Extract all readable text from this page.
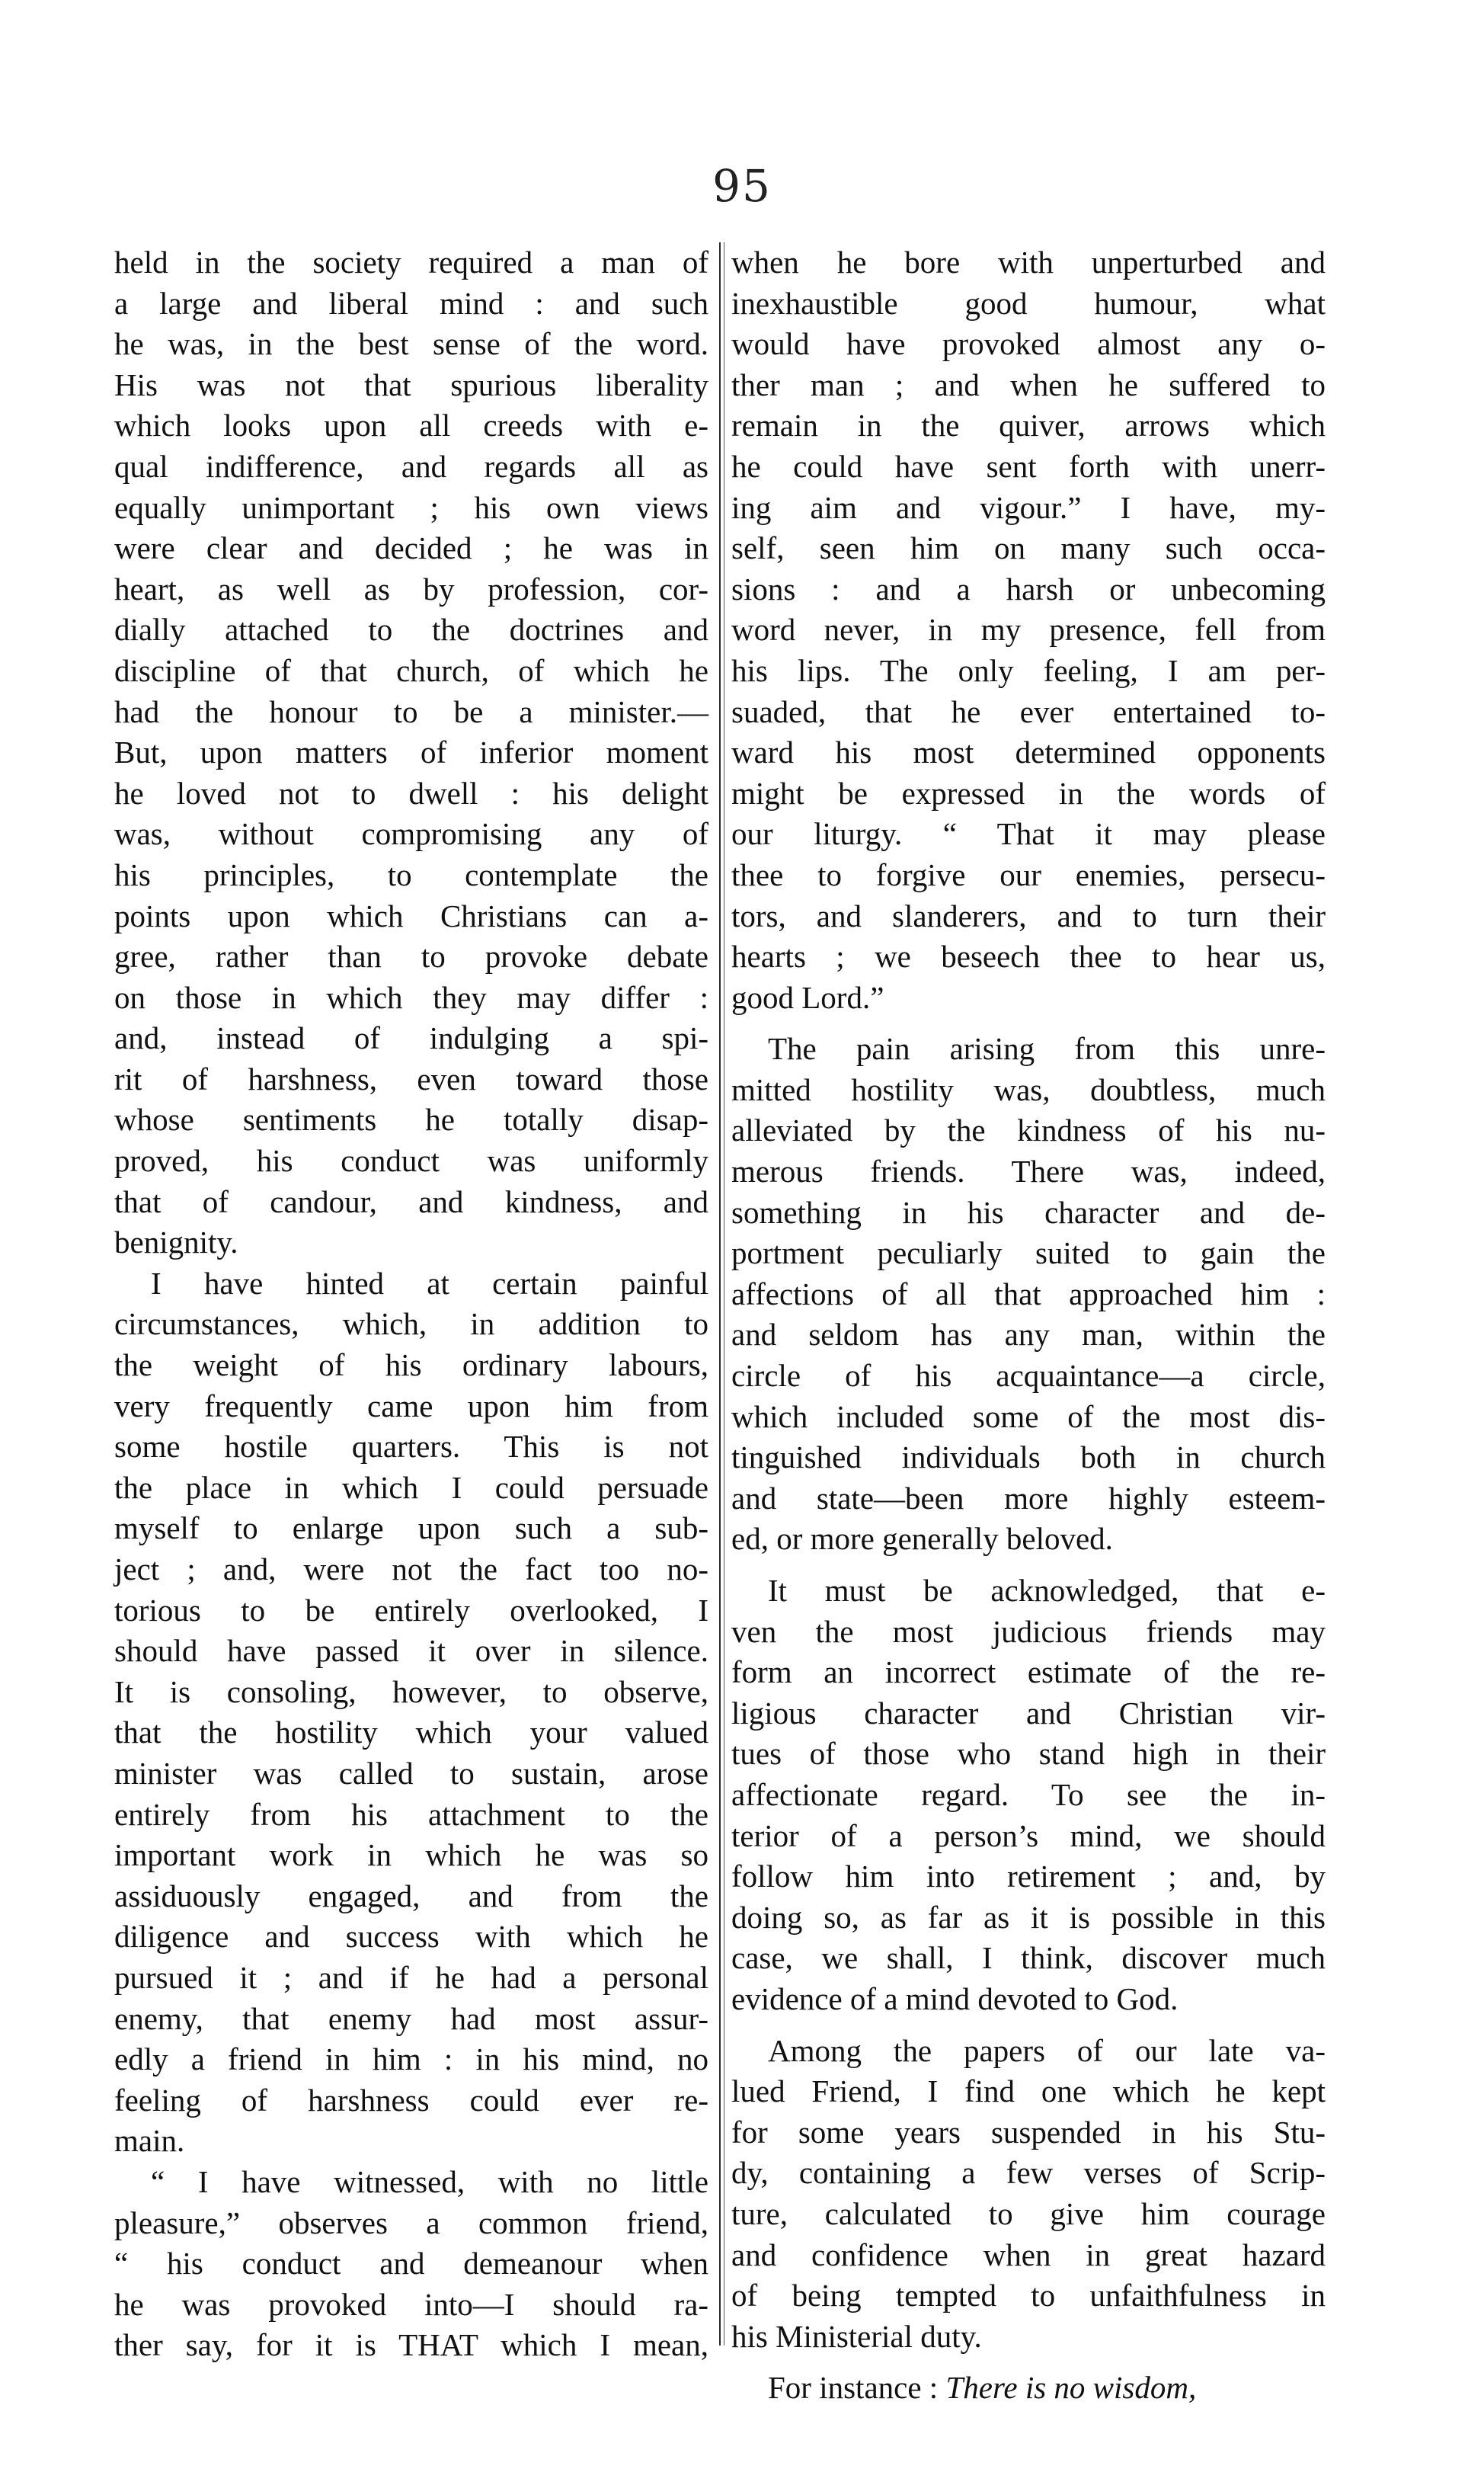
95
held in the society required a man of
a large and liberal mind : and such
he was, in the best sense of the word.
His was not that spurious liberality
which looks upon all creeds with e-
qual indifference, and regards all as
equally unimportant ; his own views
were clear and decided ; he was in
heart, as well as by profession, cor-
dially attached to the doctrines and
discipline of that church, of which he
had the honour to be a minister.—
But, upon matters of inferior moment
he loved not to dwell : his delight
was, without compromising any of
his principles, to contemplate the
points upon which Christians can a-
gree, rather than to provoke debate
on those in which they may differ :
and, instead of indulging a spi-
rit of harshness, even toward those
whose sentiments he totally disap-
proved, his conduct was uniformly
that of candour, and kindness, and
benignity.
I have hinted at certain painful
circumstances, which, in addition to
the weight of his ordinary labours,
very frequently came upon him from
some hostile quarters. This is not
the place in which I could persuade
myself to enlarge upon such a sub-
ject ; and, were not the fact too no-
torious to be entirely overlooked, I
should have passed it over in silence.
It is consoling, however, to observe,
that the hostility which your valued
minister was called to sustain, arose
entirely from his attachment to the
important work in which he was so
assiduously engaged, and from the
diligence and success with which he
pursued it ; and if he had a personal
enemy, that enemy had most assur-
edly a friend in him : in his mind, no
feeling of harshness could ever re-
main.
“ I have witnessed, with no little
pleasure,” observes a common friend,
“ his conduct and demeanour when
he was provoked into—I should ra-
ther say, for it is THAT which I mean,
when he bore with unperturbed and
inexhaustible good humour, what
would have provoked almost any o-
ther man ; and when he suffered to
remain in the quiver, arrows which
he could have sent forth with unerr-
ing aim and vigour.” I have, my-
self, seen him on many such occa-
sions : and a harsh or unbecoming
word never, in my presence, fell from
his lips. The only feeling, I am per-
suaded, that he ever entertained to-
ward his most determined opponents
might be expressed in the words of
our liturgy. “ That it may please
thee to forgive our enemies, persecu-
tors, and slanderers, and to turn their
hearts ; we beseech thee to hear us,
good Lord.”
The pain arising from this unre-
mitted hostility was, doubtless, much
alleviated by the kindness of his nu-
merous friends. There was, indeed,
something in his character and de-
portment peculiarly suited to gain the
affections of all that approached him :
and seldom has any man, within the
circle of his acquaintance—a circle,
which included some of the most dis-
tinguished individuals both in church
and state—been more highly esteem-
ed, or more generally beloved.
It must be acknowledged, that e-
ven the most judicious friends may
form an incorrect estimate of the re-
ligious character and Christian vir-
tues of those who stand high in their
affectionate regard. To see the in-
terior of a person’s mind, we should
follow him into retirement ; and, by
doing so, as far as it is possible in this
case, we shall, I think, discover much
evidence of a mind devoted to God.
Among the papers of our late va-
lued Friend, I find one which he kept
for some years suspended in his Stu-
dy, containing a few verses of Scrip-
ture, calculated to give him courage
and confidence when in great hazard
of being tempted to unfaithfulness in
his Ministerial duty.
For instance : There is no wisdom,
